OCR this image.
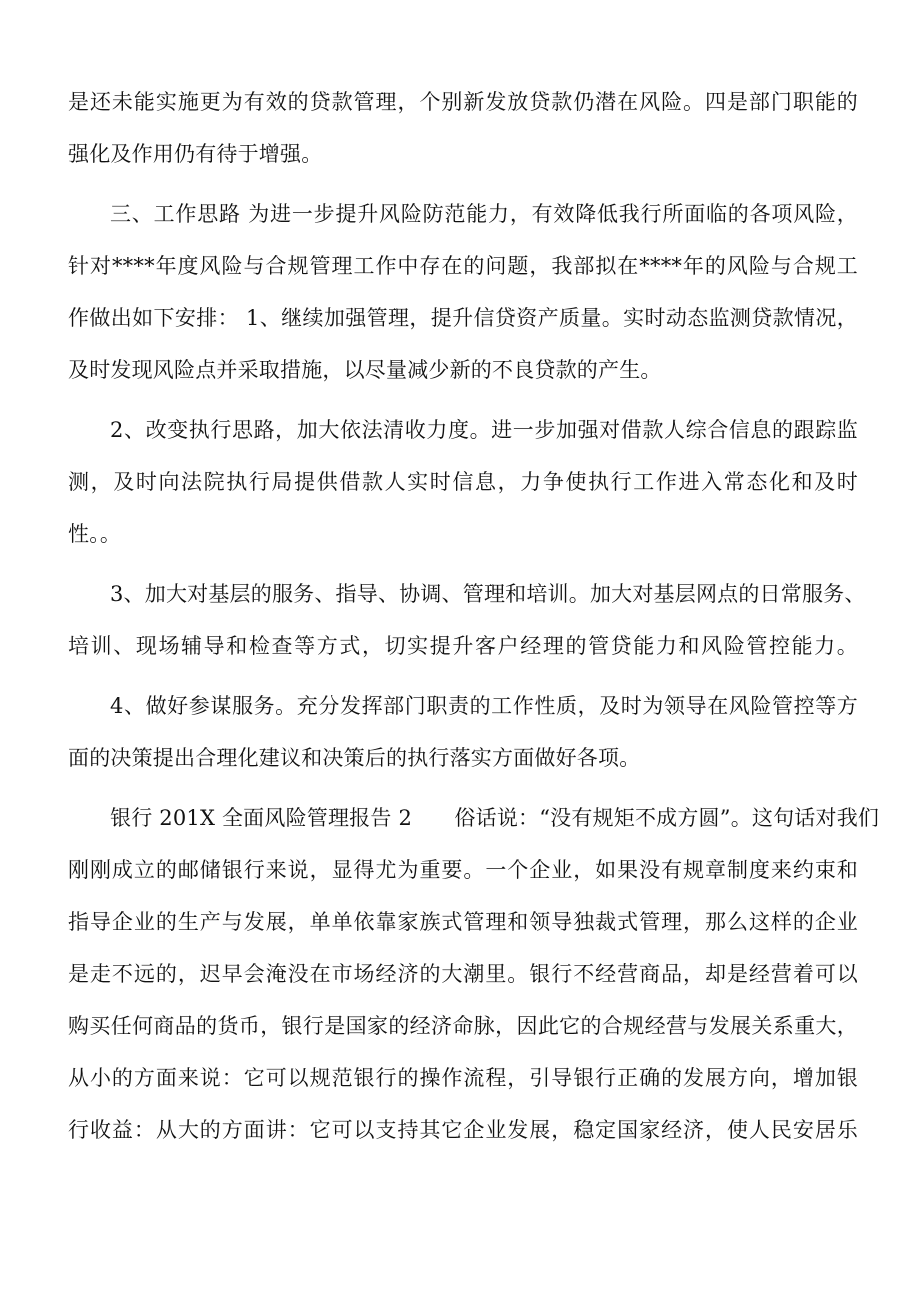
是还未能实施更为有效的贷款管理，个别新发放贷款仍潜在风险。四是部门职能的
强化及作用仍有待于增强。
三、工作思路 为进一步提升风险防范能力，有效降低我行所面临的各项风险，
针对****年度风险与合规管理工作中存在的问题，我部拟在****年的风险与合规工
作做出如下安排： 1、继续加强管理，提升信贷资产质量。实时动态监测贷款情况，
及时发现风险点并采取措施，以尽量减少新的不良贷款的产生。
2、改变执行思路，加大依法清收力度。进一步加强对借款人综合信息的跟踪监
测，及时向法院执行局提供借款人实时信息，力争使执行工作进入常态化和及时
性。。
3、加大对基层的服务、指导、协调、管理和培训。加大对基层网点的日常服务、
培训、现场辅导和检查等方式，切实提升客户经理的管贷能力和风险管控能力。
4、做好参谋服务。充分发挥部门职责的工作性质，及时为领导在风险管控等方
面的决策提出合理化建议和决策后的执行落实方面做好各项。
银行 201X 全面风险管理报告 2　　俗话说：“没有规矩不成方圆”。这句话对我们
刚刚成立的邮储银行来说，显得尤为重要。一个企业，如果没有规章制度来约束和
指导企业的生产与发展，单单依靠家族式管理和领导独裁式管理，那么这样的企业
是走不远的，迟早会淹没在市场经济的大潮里。银行不经营商品，却是经营着可以
购买任何商品的货币，银行是国家的经济命脉，因此它的合规经营与发展关系重大，
从小的方面来说：它可以规范银行的操作流程，引导银行正确的发展方向，增加银
行收益：从大的方面讲：它可以支持其它企业发展，稳定国家经济，使人民安居乐
